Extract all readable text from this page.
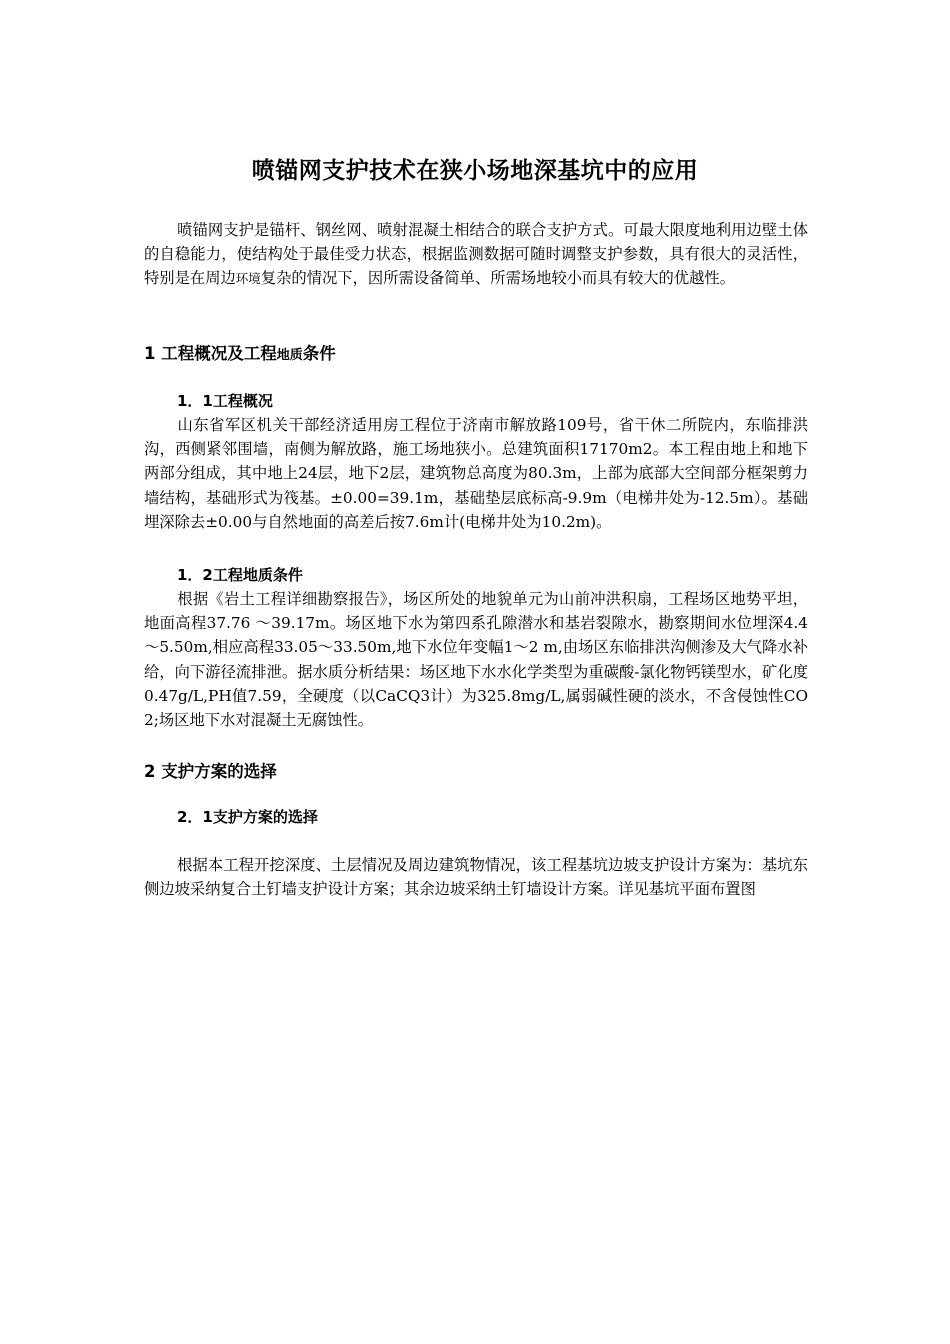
喷锚网支护技术在狭小场地深基坑中的应用
喷锚网支护是锚杆、钢丝网、喷射混凝土相结合的联合支护方式。可最大限度地利用边壁土体的自稳能力，使结构处于最佳受力状态，根据监测数据可随时调整支护参数，具有很大的灵活性，特别是在周边环境复杂的情况下，因所需设备简单、所需场地较小而具有较大的优越性。
1 工程概况及工程地质条件
1．1工程概况
山东省军区机关干部经济适用房工程位于济南市解放路109号，省干休二所院内，东临排洪沟，西侧紧邻围墙，南侧为解放路，施工场地狭小。总建筑面积17170m2。本工程由地上和地下两部分组成，其中地上24层，地下2层，建筑物总高度为80.3m，上部为底部大空间部分框架剪力墙结构，基础形式为筏基。±0.00=39.1m，基础垫层底标高-9.9m（电梯井处为-12.5m）。基础埋深除去±0.00与自然地面的高差后按7.6m计(电梯井处为10.2m)。
1．2工程地质条件
根据《岩土工程详细勘察报告》，场区所处的地貌单元为山前冲洪积扇，工程场区地势平坦，地面高程37.76 ～39.17m。场区地下水为第四系孔隙潜水和基岩裂隙水，勘察期间水位埋深4.4～5.50m,相应高程33.05～33.50m,地下水位年变幅1～2 m,由场区东临排洪沟侧渗及大气降水补给，向下游径流排泄。据水质分析结果：场区地下水水化学类型为重碳酸-氯化物钙镁型水，矿化度0.47g/L,PH值7.59，全硬度（以CaCQ3计）为325.8mg/L,属弱碱性硬的淡水，不含侵蚀性CO2;场区地下水对混凝土无腐蚀性。
2 支护方案的选择
2．1支护方案的选择
根据本工程开挖深度、土层情况及周边建筑物情况，该工程基坑边坡支护设计方案为：基坑东侧边坡采纳复合土钉墙支护设计方案；其余边坡采纳土钉墙设计方案。详见基坑平面布置图
